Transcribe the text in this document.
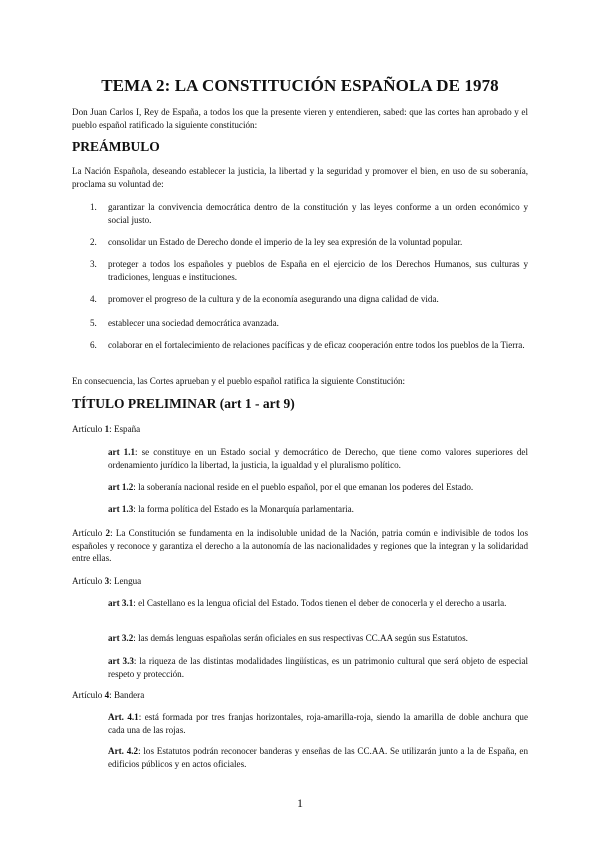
TEMA 2: LA CONSTITUCIÓN ESPAÑOLA DE 1978
Don Juan Carlos I, Rey de España, a todos los que la presente vieren y entendieren, sabed: que las cortes han aprobado y el pueblo español ratificado la siguiente constitución:
PREÁMBULO
La Nación Española, deseando establecer la justicia, la libertad y la seguridad y promover el bien, en uso de su soberanía, proclama su voluntad de:
1. garantizar la convivencia democrática dentro de la constitución y las leyes conforme a un orden económico y social justo.
2. consolidar un Estado de Derecho donde el imperio de la ley sea expresión de la voluntad popular.
3. proteger a todos los españoles y pueblos de España en el ejercicio de los Derechos Humanos, sus culturas y tradiciones, lenguas e instituciones.
4. promover el progreso de la cultura y de la economía asegurando una digna calidad de vida.
5. establecer una sociedad democrática avanzada.
6. colaborar en el fortalecimiento de relaciones pacíficas y de eficaz cooperación entre todos los pueblos de la Tierra.
En consecuencia, las Cortes aprueban y el pueblo español ratifica la siguiente Constitución:
TÍTULO PRELIMINAR (art 1 - art 9)
Artículo 1: España
art 1.1: se constituye en un Estado social y democrático de Derecho, que tiene como valores superiores del ordenamiento jurídico la libertad, la justicia, la igualdad y el pluralismo político.
art 1.2: la soberanía nacional reside en el pueblo español, por el que emanan los poderes del Estado.
art 1.3: la forma política del Estado es la Monarquía parlamentaria.
Artículo 2: La Constitución se fundamenta en la indisoluble unidad de la Nación, patria común e indivisible de todos los españoles y reconoce y garantiza el derecho a la autonomía de las nacionalidades y regiones que la integran y la solidaridad entre ellas.
Artículo 3: Lengua
art 3.1: el Castellano es la lengua oficial del Estado. Todos tienen el deber de conocerla y el derecho a usarla.
art 3.2: las demás lenguas españolas serán oficiales en sus respectivas CC.AA según sus Estatutos.
art 3.3: la riqueza de las distintas modalidades lingüísticas, es un patrimonio cultural que será objeto de especial respeto y protección.
Artículo 4: Bandera
Art. 4.1: está formada por tres franjas horizontales, roja-amarilla-roja, siendo la amarilla de doble anchura que cada una de las rojas.
Art. 4.2: los Estatutos podrán reconocer banderas y enseñas de las CC.AA. Se utilizarán junto a la de España, en edificios públicos y en actos oficiales.
1
